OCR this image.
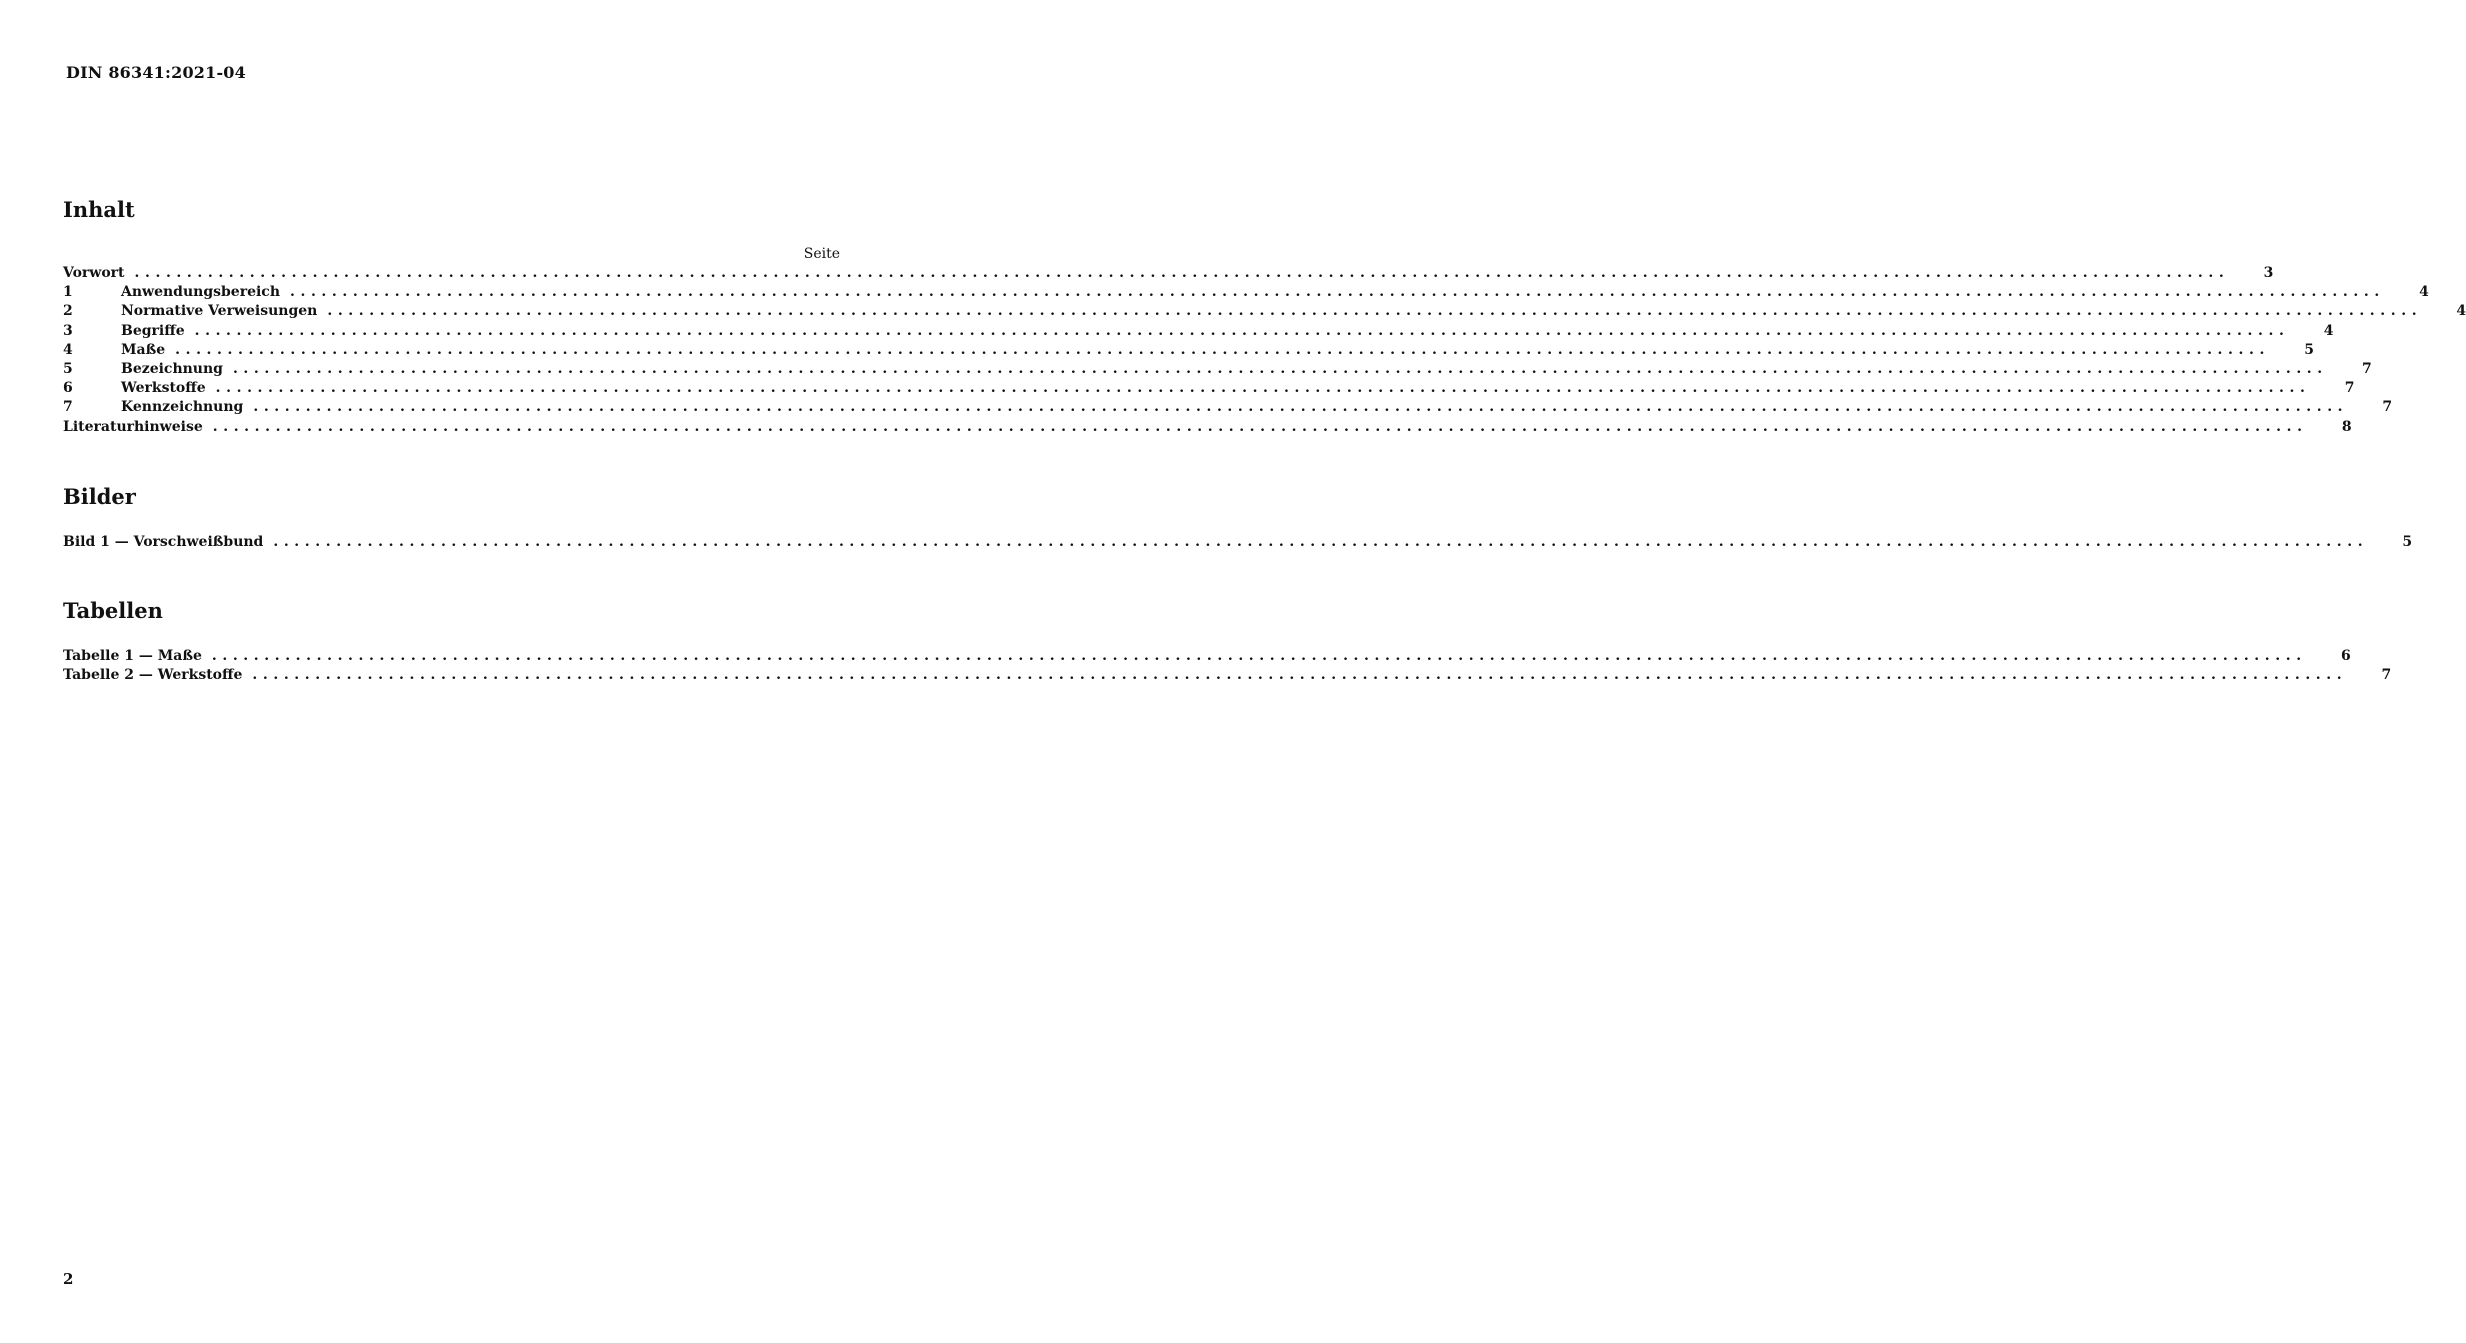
DIN 86341:2021-04
Inhalt
Seite
Vorwort ........................................................................................................................................................................................................	3
1	Anwendungsbereich ........................................................................................................................................................................................................	4
2	Normative Verweisungen ........................................................................................................................................................................................................	4
3	Begriffe ........................................................................................................................................................................................................	4
4	Maße ........................................................................................................................................................................................................	5
5	Bezeichnung ........................................................................................................................................................................................................	7
6	Werkstoffe ........................................................................................................................................................................................................	7
7	Kennzeichnung ........................................................................................................................................................................................................	7
Literaturhinweise ........................................................................................................................................................................................................	8
Bilder
Bild 1 — Vorschweißbund ........................................................................................................................................................................................................	5
Tabellen
Tabelle 1 — Maße ........................................................................................................................................................................................................	6
Tabelle 2 — Werkstoffe ........................................................................................................................................................................................................	7
2
